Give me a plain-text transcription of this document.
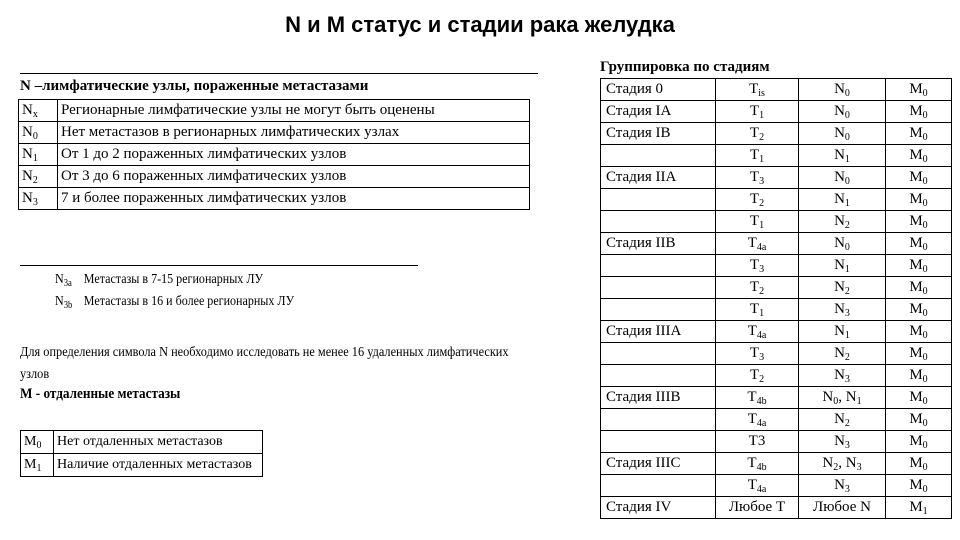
N и M статус и стадии рака желудка
N –лимфатические узлы, пораженные метастазами
$N_x$	Регионарные лимфатические узлы не могут быть оценены
$N_0$	Нет метастазов в регионарных лимфатических узлах
$N_1$	От 1 до 2 пораженных лимфатических узлов
$N_2$	От 3 до 6 пораженных лимфатических узлов
$N_3$	7 и более пораженных лимфатических узлов
$N_{3a}$ Метастазы в 7-15 регионарных ЛУ
$N_{3b}$ Метастазы в 16 и более регионарных ЛУ
Для определения символа N необходимо исследовать не менее 16 удаленных лимфатических узлов
M - отдаленные метастазы
$M_0$	Нет отдаленных метастазов
$M_1$	Наличие отдаленных метастазов
Группировка по стадиям
Стадия 0	$T_{is}$	$N_0$	$M_0$
Стадия IA	$T_1$	$N_0$	$M_0$
Стадия IB	$T_2$	$N_0$	$M_0$
	$T_1$	$N_1$	$M_0$
Стадия IIA	$T_3$	$N_0$	$M_0$
	$T_2$	$N_1$	$M_0$
	$T_1$	$N_2$	$M_0$
Стадия IIB	$T_{4a}$	$N_0$	$M_0$
	$T_3$	$N_1$	$M_0$
	$T_2$	$N_2$	$M_0$
	$T_1$	$N_3$	$M_0$
Стадия IIIA	$T_{4a}$	$N_1$	$M_0$
	$T_3$	$N_2$	$M_0$
	$T_2$	$N_3$	$M_0$
Стадия IIIB	$T_{4b}$	$N_0$, $N_1$	$M_0$
	$T_{4a}$	$N_2$	$M_0$
	T3	$N_3$	$M_0$
Стадия IIIC	$T_{4b}$	$N_2$, $N_3$	$M_0$
	$T_{4a}$	$N_3$	$M_0$
Стадия IV	Любое T	Любое N	$M_1$
